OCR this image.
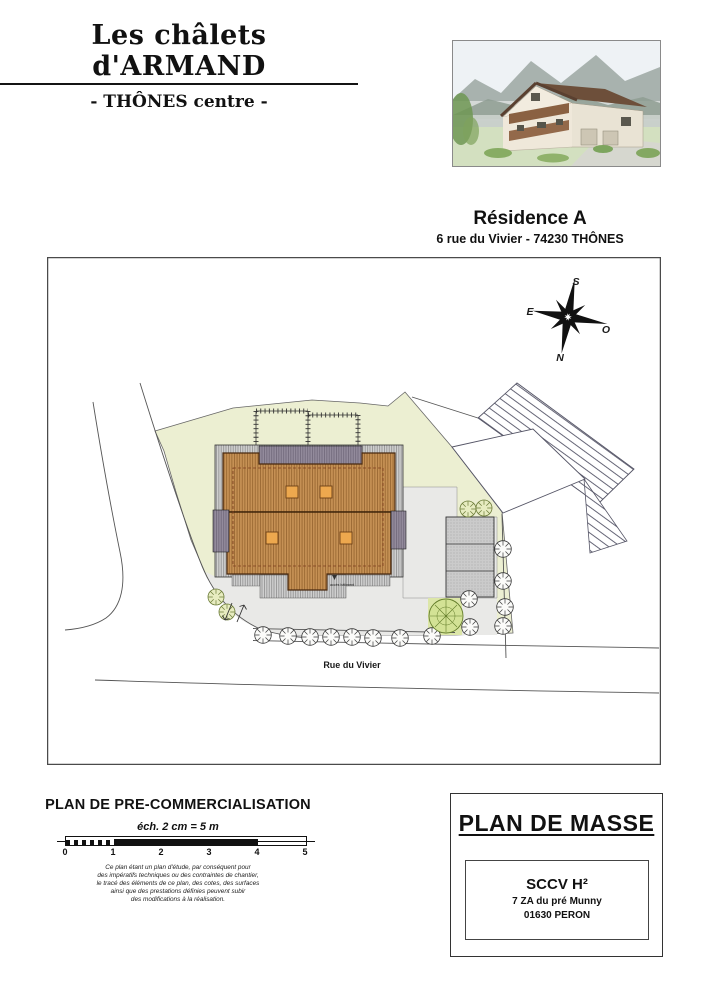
Les châlets d'ARMAND
- THÔNES centre -
Résidence A
6 rue du Vivier - 74230 THÔNES
accès bâtiment
Rue du Vivier
S
E
O
N
PLAN DE PRE-COMMERCIALISATION
éch. 2 cm = 5 m
0	1	2	3	4	5
Ce plan étant un plan d'étude, par conséquent pour
des impératifs techniques ou des contraintes de chantier,
le tracé des éléments de ce plan, des cotes, des surfaces
ainsi que des prestations définies peuvent subir
des modifications à la réalisation.
PLAN DE MASSE
SCCV H²
7 ZA du pré Munny
01630 PERON
